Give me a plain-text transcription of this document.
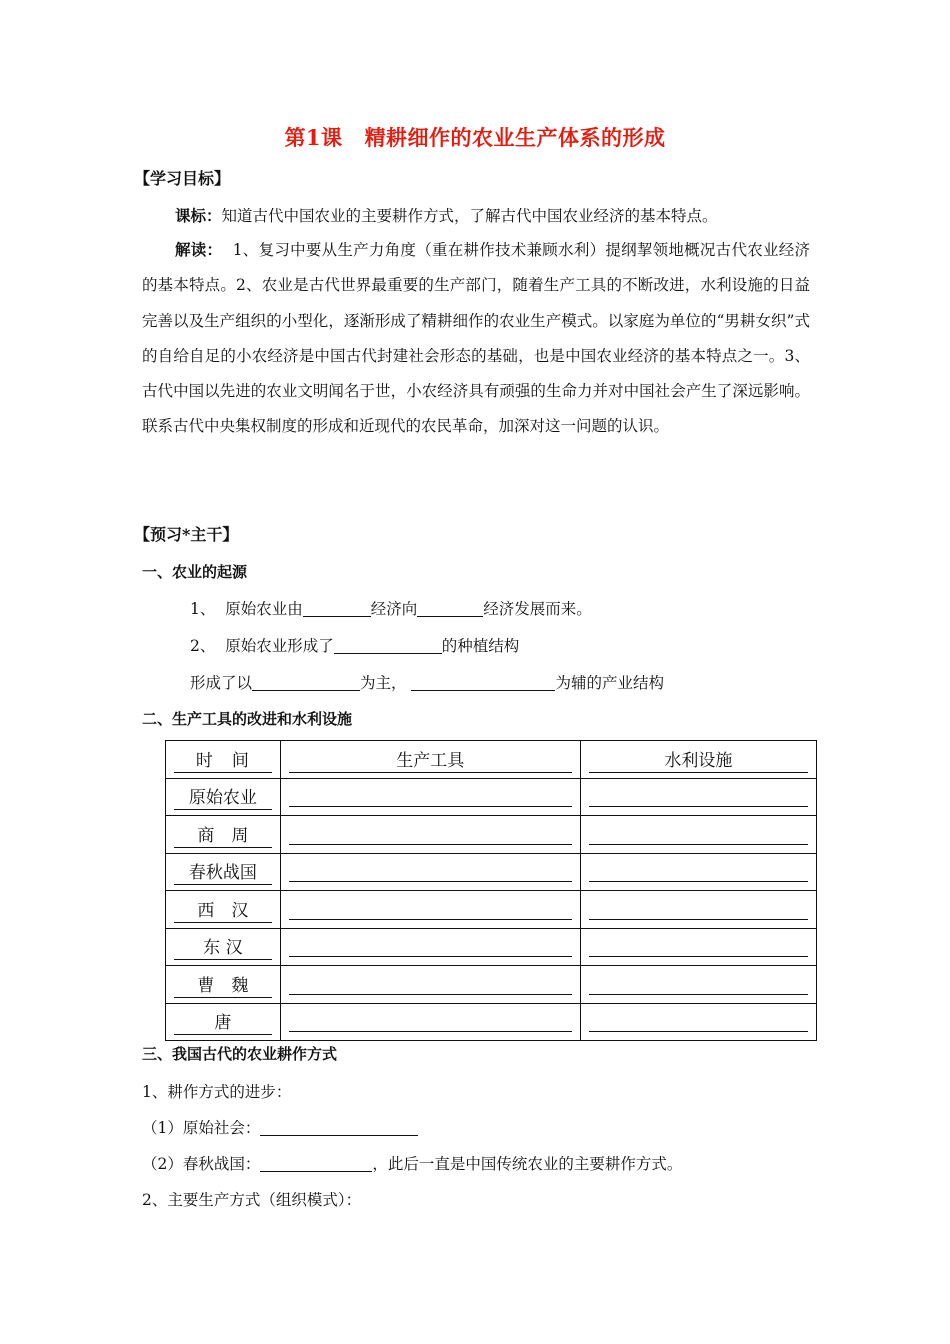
第1课 精耕细作的农业生产体系的形成
【学习目标】
课标：知道古代中国农业的主要耕作方式，了解古代中国农业经济的基本特点。
解读： 1、复习中要从生产力角度（重在耕作技术兼顾水利）提纲挈领地概况古代农业经济的基本特点。2、农业是古代世界最重要的生产部门，随着生产工具的不断改进，水利设施的日益完善以及生产组织的小型化，逐渐形成了精耕细作的农业生产模式。以家庭为单位的“男耕女织”式的自给自足的小农经济是中国古代封建社会形态的基础，也是中国农业经济的基本特点之一。3、古代中国以先进的农业文明闻名于世，小农经济具有顽强的生命力并对中国社会产生了深远影响。联系古代中央集权制度的形成和近现代的农民革命，加深对这一问题的认识。
【预习*主干】
一、农业的起源
1、 原始农业由	经济向	经济发展而来。
2、 原始农业形成了	的种植结构
形成了以	为主，	为辅的产业结构
二、生产工具的改进和水利设施
时　间	生产工具	水利设施

原始农业		

商　周		

春秋战国		

西　汉		

东 汉		

曹　魏		

唐		

三、我国古代的农业耕作方式
1、耕作方式的进步：
（1）原始社会：
（2）春秋战国：	，此后一直是中国传统农业的主要耕作方式。
2、主要生产方式（组织模式）：
